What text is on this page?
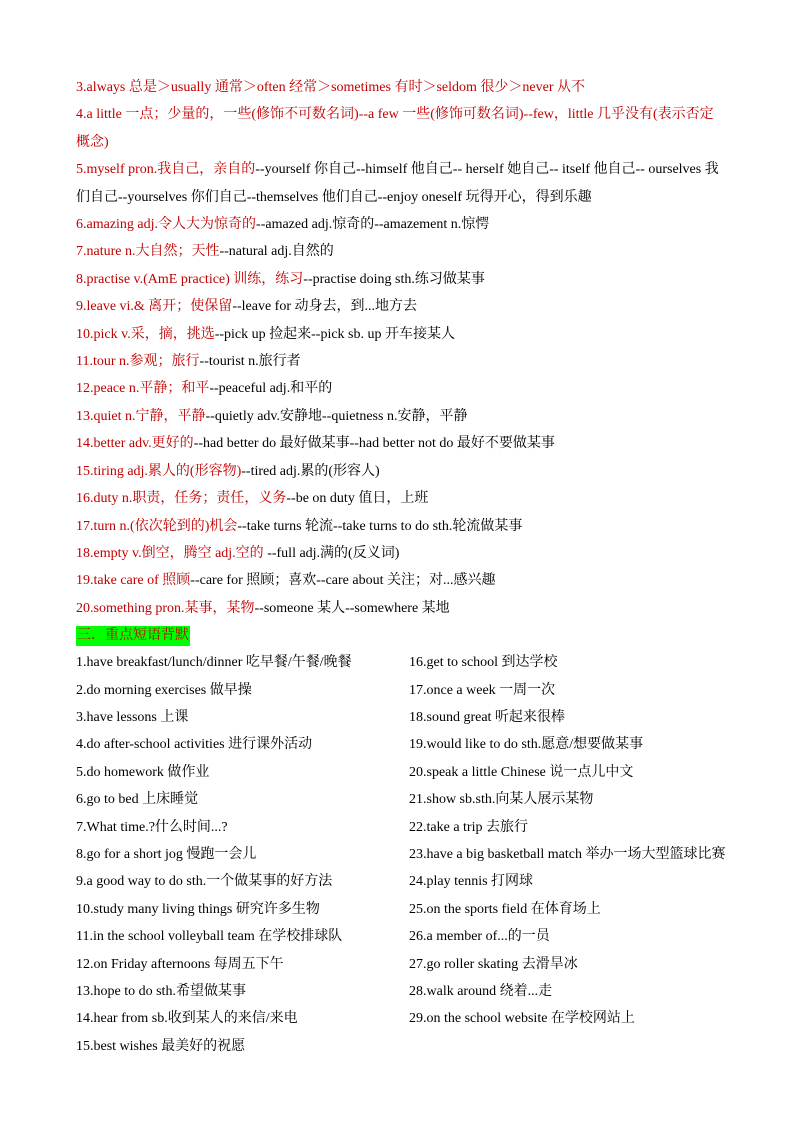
3.always 总是＞usually 通常＞often 经常＞sometimes 有时＞seldom 很少＞never 从不

4.a little 一点；少量的，一些(修饰不可数名词)--a few 一些(修饰可数名词)--few，little 几乎没有(表示否定概念)

5.myself pron.我自己，亲自的--yourself 你自己--himself 他自己-- herself 她自己-- itself 他自己-- ourselves 我们自己--yourselves 你们自己--themselves 他们自己--enjoy oneself 玩得开心，得到乐趣

6.amazing adj.令人大为惊奇的--amazed adj.惊奇的--amazement n.惊愕

7.nature n.大自然；天性--natural adj.自然的

8.practise v.(AmE practice) 训练，练习--practise doing sth.练习做某事

9.leave vi.& 离开；使保留--leave for 动身去，到...地方去

10.pick v.采，摘，挑选--pick up 捡起来--pick sb. up 开车接某人

11.tour n.参观；旅行--tourist n.旅行者

12.peace n.平静；和平--peaceful adj.和平的

13.quiet n.宁静，平静--quietly adv.安静地--quietness n.安静，平静

14.better adv.更好的--had better do 最好做某事--had better not do 最好不要做某事

15.tiring adj.累人的(形容物)--tired adj.累的(形容人)

16.duty n.职责，任务；责任，义务--be on duty 值日，上班

17.turn n.(依次轮到的)机会--take turns 轮流--take turns to do sth.轮流做某事

18.empty v.倒空，腾空 adj.空的 --full adj.满的(反义词)

19.take care of 照顾--care for 照顾；喜欢--care about 关注；对...感兴趣

20.something pron.某事，某物--someone 某人--somewhere 某地

三．重点短语背默
1.have breakfast/lunch/dinner 吃早餐/午餐/晚餐	16.get to school 到达学校
2.do morning exercises 做早操	17.once a week 一周一次
3.have lessons 上课	18.sound great 听起来很棒
4.do after-school activities 进行课外活动	19.would like to do sth.愿意/想要做某事
5.do homework 做作业	20.speak a little Chinese 说一点儿中文
6.go to bed 上床睡觉	21.show sb.sth.向某人展示某物
7.What time.?什么时间...?	22.take a trip 去旅行
8.go for a short jog 慢跑一会儿	23.have a big basketball match 举办一场大型篮球比赛
9.a good way to do sth.一个做某事的好方法	24.play tennis 打网球
10.study many living things 研究许多生物	25.on the sports field 在体育场上
11.in the school volleyball team 在学校排球队	26.a member of...的一员
12.on Friday afternoons 每周五下午	27.go roller skating 去滑旱冰
13.hope to do sth.希望做某事	28.walk around 绕着...走
14.hear from sb.收到某人的来信/来电	29.on the school website 在学校网站上
15.best wishes 最美好的祝愿
